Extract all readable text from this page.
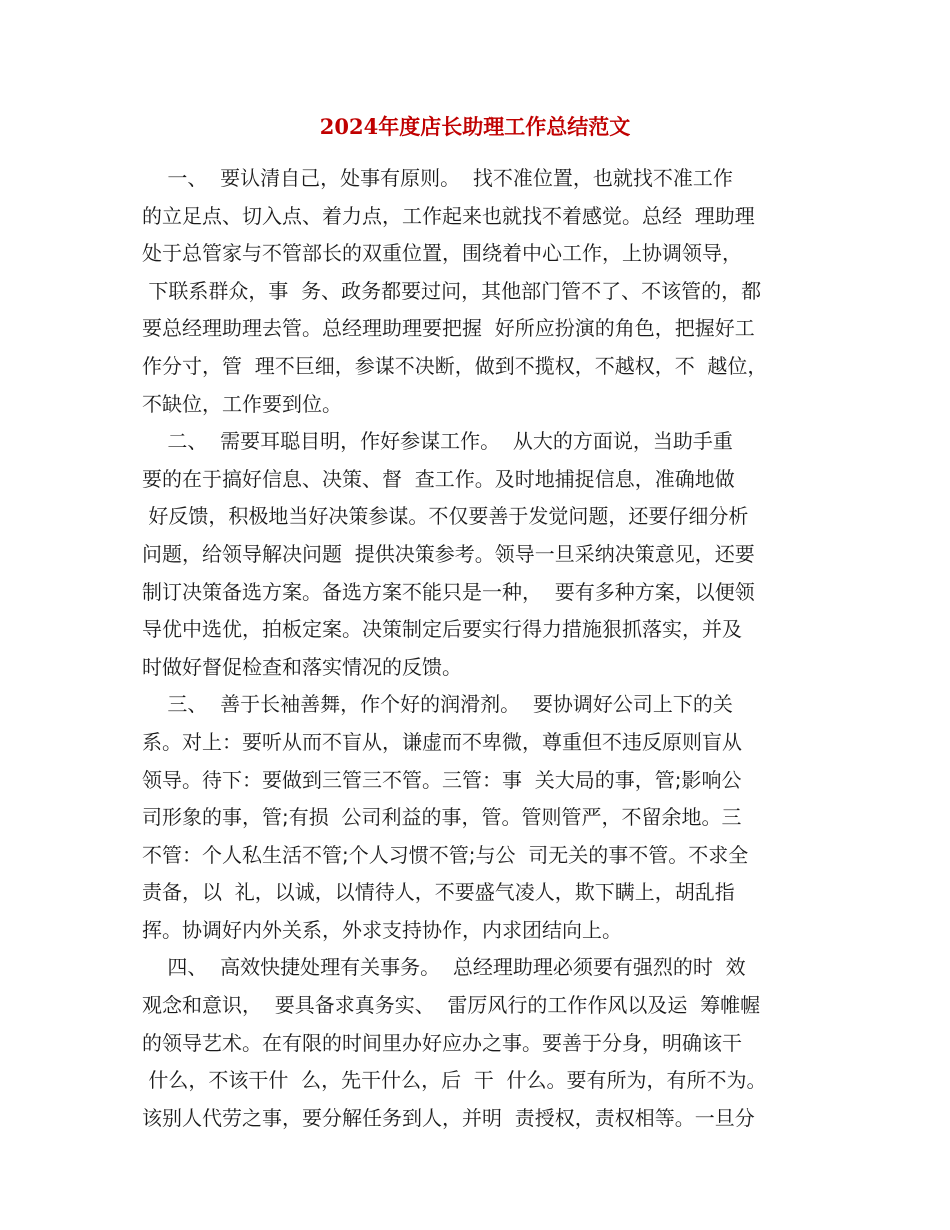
2024年度店长助理工作总结范文
一、  要认清自己，处事有原则。  找不准位置，也就找不准工作
的立足点、切入点、着力点，工作起来也就找不着感觉。总经  理助理
处于总管家与不管部长的双重位置，围绕着中心工作，上协调领导，
下联系群众，事  务、政务都要过问，其他部门管不了、不该管的，都
要总经理助理去管。总经理助理要把握  好所应扮演的角色，把握好工
作分寸，管  理不巨细，参谋不决断，做到不揽权，不越权，不  越位，
不缺位，工作要到位。
二、  需要耳聪目明，作好参谋工作。  从大的方面说，当助手重
要的在于搞好信息、决策、督  查工作。及时地捕捉信息，准确地做
好反馈，积极地当好决策参谋。不仅要善于发觉问题，还要仔细分析
问题，给领导解决问题  提供决策参考。领导一旦采纳决策意见，还要
制订决策备选方案。备选方案不能只是一种，  要有多种方案，以便领
导优中选优，拍板定案。决策制定后要实行得力措施狠抓落实，并及
时做好督促检查和落实情况的反馈。
三、  善于长袖善舞，作个好的润滑剂。  要协调好公司上下的关
系。对上：要听从而不盲从，谦虚而不卑微，尊重但不违反原则盲从
领导。待下：要做到三管三不管。三管：事  关大局的事，管;影响公
司形象的事，管;有损  公司利益的事，管。管则管严，不留余地。三
不管：个人私生活不管;个人习惯不管;与公  司无关的事不管。不求全
责备，以  礼，以诚，以情待人，不要盛气凌人，欺下瞒上，胡乱指
挥。协调好内外关系，外求支持协作，内求团结向上。
四、  高效快捷处理有关事务。  总经理助理必须要有强烈的时  效
观念和意识，  要具备求真务实、  雷厉风行的工作作风以及运  筹帷幄
的领导艺术。在有限的时间里办好应办之事。要善于分身，明确该干
什么，不该干什  么，先干什么，后  干  什么。要有所为，有所不为。
该别人代劳之事，要分解任务到人，并明  责授权，责权相等。一旦分
